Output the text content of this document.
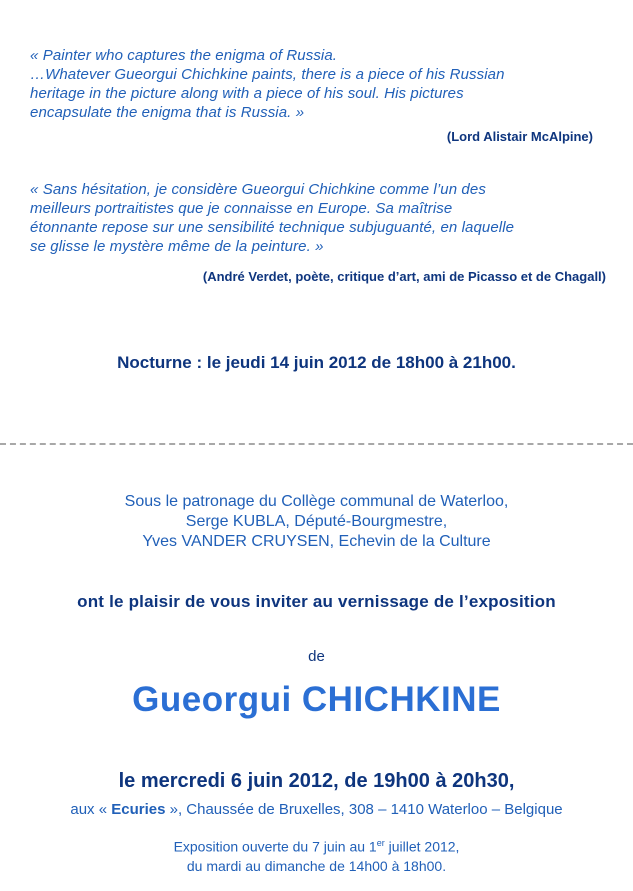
« Painter who captures the enigma of Russia.
…Whatever Gueorgui Chichkine paints, there is a piece of his Russian
heritage in the picture along with a piece of his soul. His pictures
encapsulate the enigma that is Russia. »
(Lord Alistair McAlpine)
« Sans hésitation, je considère Gueorgui Chichkine comme l’un des
meilleurs portraitistes que je connaisse en Europe. Sa maîtrise
étonnante repose sur une sensibilité technique subjuguanté, en laquelle
se glisse le mystère même de la peinture. »
(André Verdet, poète, critique d’art, ami de Picasso et de Chagall)
Nocturne : le jeudi 14 juin 2012 de 18h00 à 21h00.
Sous le patronage du Collège communal de Waterloo,
Serge KUBLA, Député-Bourgmestre,
Yves VANDER CRUYSEN, Echevin de la Culture
ont le plaisir de vous inviter au vernissage de l’exposition
de
Gueorgui CHICHKINE
le mercredi 6 juin 2012, de 19h00 à 20h30,
aux « Ecuries », Chaussée de Bruxelles, 308 – 1410 Waterloo – Belgique
Exposition ouverte du 7 juin au 1er juillet 2012,
du mardi au dimanche de 14h00 à 18h00.
